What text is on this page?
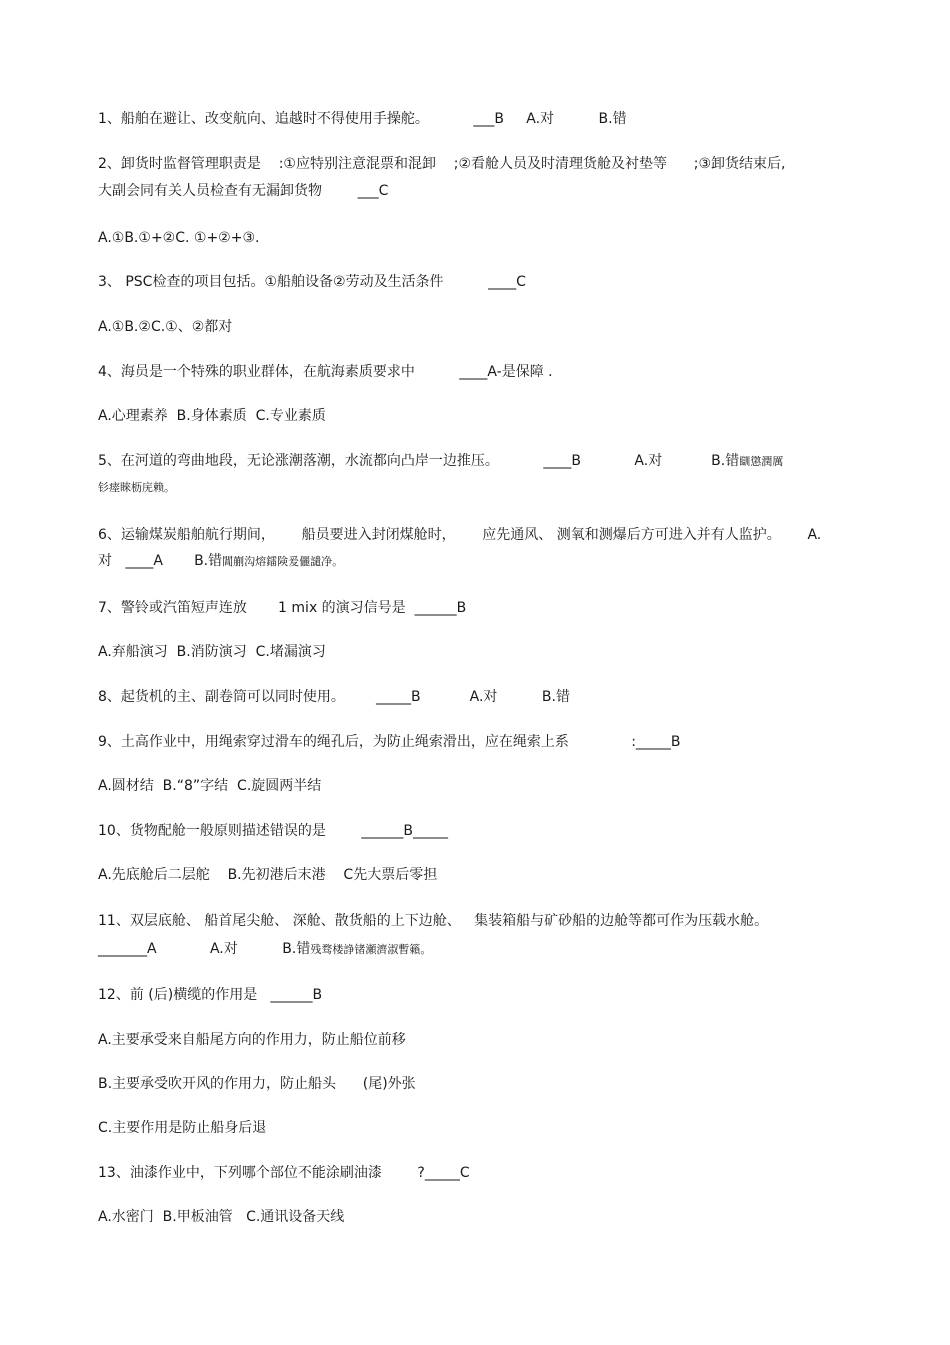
1、船舶在避让、改变航向、追越时不得使用手操舵。          ___B     A.对          B.错
2、卸货时监督管理职责是    :①应特别注意混票和混卸    ;②看舱人员及时清理货舱及衬垫等      ;③卸货结束后,
大副会同有关人员检查有无漏卸货物        ___C
A.①B.①+②C. ①+②+③.
3、 PSC检查的项目包括。①船舶设备②劳动及生活条件          ____C
A.①B.②C.①、②都对
4、海员是一个特殊的职业群体，在航海素质要求中          ____A-是保障 .
A.心理素养  B.身体素质  C.专业素质
5、在河道的弯曲地段，无论涨潮落潮，水流都向凸岸一边推压。          ____B            A.对           B.错瞓懲潤厲
钐瘗睞枥庑赖。
6、运输煤炭船舶航行期间，      船员要进入封闭煤舱时，      应先通风、 测氧和测爆后方可进入并有人监护。      A.
对   ____A       B.错閶蒯沟熔鐳険爰儷譴净。
7、警铃或汽笛短声连放       1 mix 的演习信号是  ______B
A.弃船演习  B.消防演习  C.堵漏演习
8、起货机的主、副卷筒可以同时使用。       _____B           A.对          B.错
9、土高作业中，用绳索穿过滑车的绳孔后，为防止绳索滑出，应在绳索上系              :_____B
A.圆材结  B.“8”字结  C.旋圆两半结
10、货物配舱一般原则描述错误的是        ______B_____
A.先底舱后二层舵    B.先初港后末港    C先大票后零担
11、双层底舱、 船首尾尖舱、 深舱、散货船的上下边舱、   集装箱船与矿砂船的边舱等都可作为压载水舱。
_______A            A.对          B.错残骛楼諍锗瀬濟淑暫籟。
12、前 (后)横缆的作用是   ______B
A.主要承受来自船尾方向的作用力，防止船位前移
B.主要承受吹开风的作用力，防止船头      (尾)外张
C.主要作用是防止船身后退
13、油漆作业中，下列哪个部位不能涂刷油漆        ?_____C
A.水密门  B.甲板油管   C.通讯设备天线
